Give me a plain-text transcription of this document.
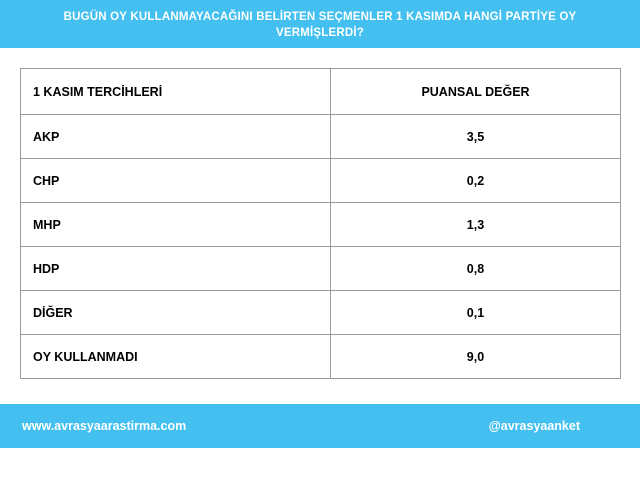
BUGÜN OY KULLANMAYACAĞINI BELİRTEN SEÇMENLER 1 KASIMDA HANGİ PARTİYE OY VERMİŞLERDİ?
1 KASIM TERCİHLERİ	PUANSAL DEĞER
AKP	3,5
CHP	0,2
MHP	1,3
HDP	0,8
DİĞER	0,1
OY KULLANMADI	9,0
www.avrasyaarastirma.com	@avrasyaanket
